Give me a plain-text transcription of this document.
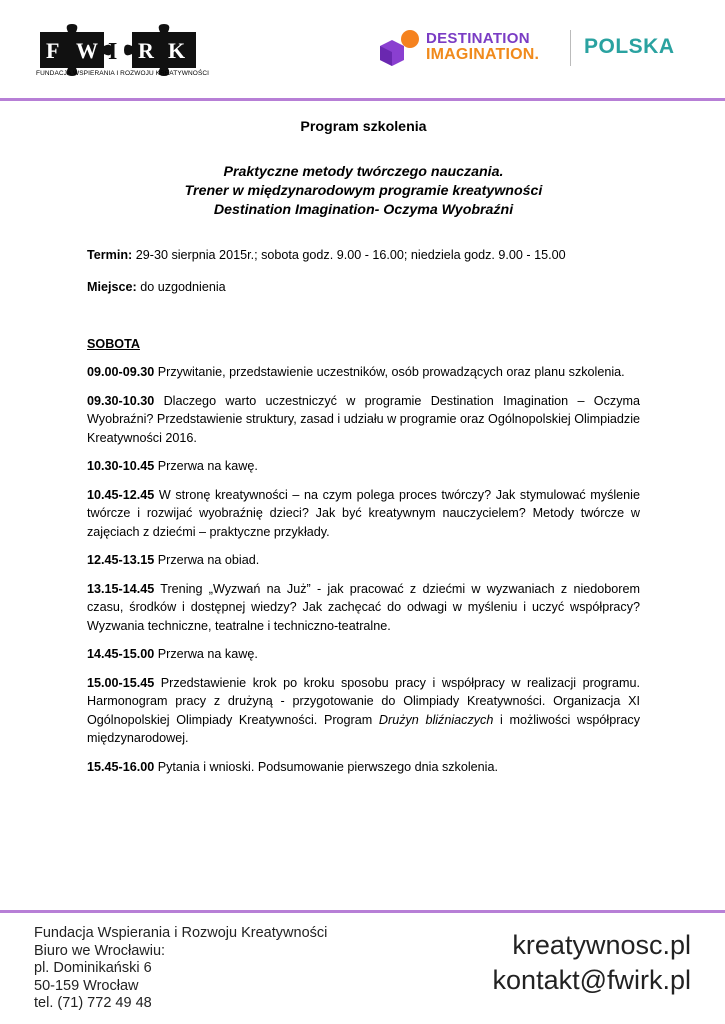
F W R K
I
FUNDACJA WSPIERANIA I ROZWOJU KREATYWNOŚCI
DESTINATION
IMAGINATION. POLSKA
Program szkolenia
Praktyczne metody twórczego nauczania.
Trener w międzynarodowym programie kreatywności
Destination Imagination- Oczyma Wyobraźni
Termin: 29-30 sierpnia 2015r.; sobota godz. 9.00 - 16.00; niedziela godz. 9.00 - 15.00
Miejsce: do uzgodnienia
SOBOTA
09.00-09.30 Przywitanie, przedstawienie uczestników, osób prowadzących oraz planu szkolenia.
09.30-10.30 Dlaczego warto uczestniczyć w programie Destination Imagination – Oczyma Wyobraźni? Przedstawienie struktury, zasad i udziału w programie oraz Ogólnopolskiej Olimpiadzie Kreatywności 2016.
10.30-10.45 Przerwa na kawę.
10.45-12.45 W stronę kreatywności – na czym polega proces twórczy? Jak stymulować myślenie twórcze i rozwijać wyobraźnię dzieci? Jak być kreatywnym nauczycielem? Metody twórcze w zajęciach z dziećmi – praktyczne przykłady.
12.45-13.15 Przerwa na obiad.
13.15-14.45 Trening „Wyzwań na Już” - jak pracować z dziećmi w wyzwaniach z niedoborem czasu, środków i dostępnej wiedzy? Jak zachęcać do odwagi w myśleniu i uczyć współpracy? Wyzwania techniczne, teatralne i techniczno-teatralne.
14.45-15.00 Przerwa na kawę.
15.00-15.45 Przedstawienie krok po kroku sposobu pracy i współpracy w realizacji programu. Harmonogram pracy z drużyną - przygotowanie do Olimpiady Kreatywności. Organizacja XI Ogólnopolskiej Olimpiady Kreatywności. Program Drużyn bliźniaczych i możliwości współpracy międzynarodowej.
15.45-16.00 Pytania i wnioski. Podsumowanie pierwszego dnia szkolenia.
Fundacja Wspierania i Rozwoju Kreatywności
Biuro we Wrocławiu:
pl. Dominikański 6
50-159 Wrocław
tel. (71) 772 49 48
kreatywnosc.pl
kontakt@fwirk.pl
